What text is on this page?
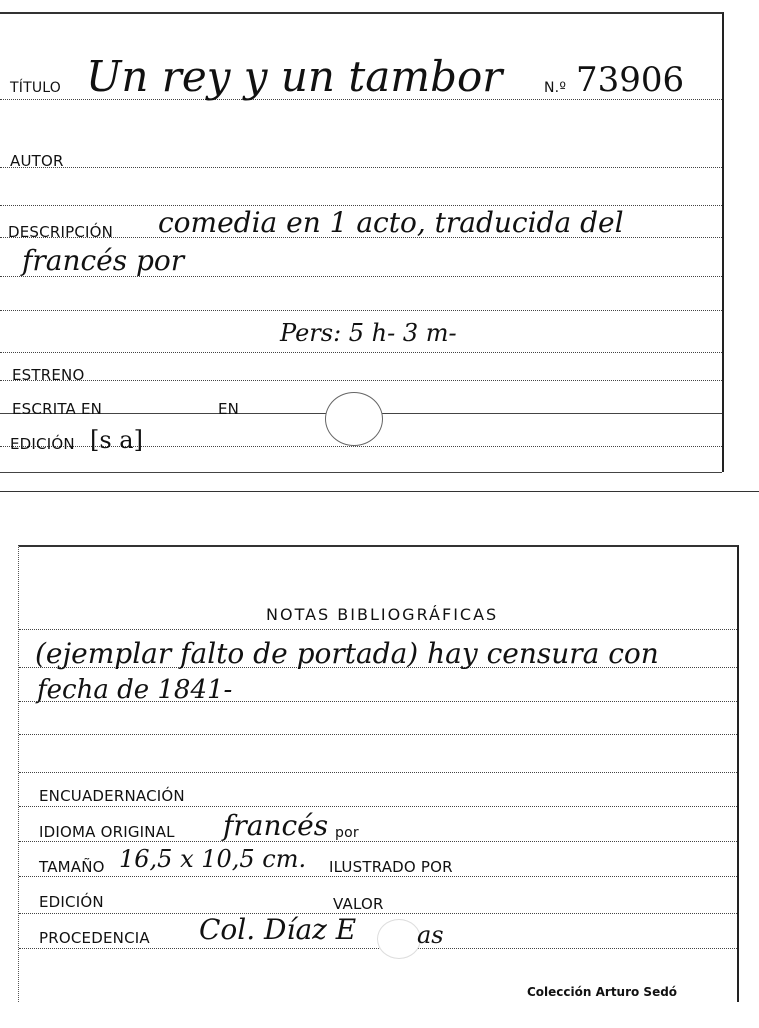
TÍTULO Un rey y un tambor	N.º 73906
AUTOR
DESCRIPCIÓN comedia en 1 acto, traducida del
francés por
Pers: 5 h- 3 m-
ESTRENO
ESCRITA EN	EN
EDICIÓN [s a]
NOTAS BIBLIOGRÁFICAS
(ejemplar falto de portada) hay censura con
fecha de 1841-
ENCUADERNACIÓN
IDIOMA ORIGINAL francés por
TAMAÑO 16,5 x 10,5 cm. ILUSTRADO POR
EDICIÓN	VALOR
PROCEDENCIA Col. Díaz E	as
Colección Arturo Sedó
